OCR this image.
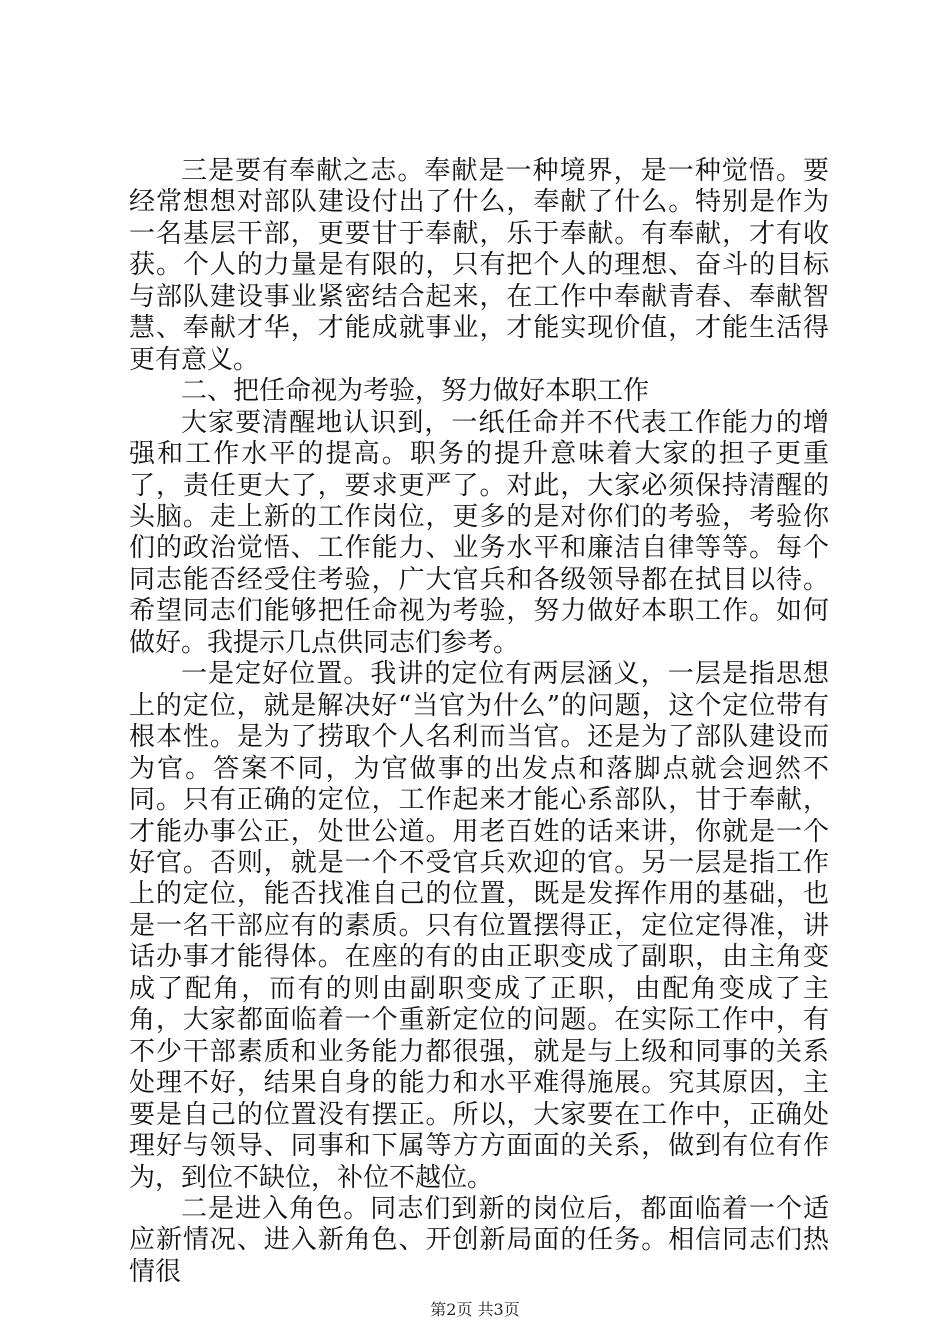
三是要有奉献之志。奉献是一种境界，是一种觉悟。要经常想想对部队建设付出了什么，奉献了什么。特别是作为一名基层干部，更要甘于奉献，乐于奉献。有奉献，才有收获。个人的力量是有限的，只有把个人的理想、奋斗的目标与部队建设事业紧密结合起来，在工作中奉献青春、奉献智慧、奉献才华，才能成就事业，才能实现价值，才能生活得更有意义。

二、把任命视为考验，努力做好本职工作

大家要清醒地认识到，一纸任命并不代表工作能力的增强和工作水平的提高。职务的提升意味着大家的担子更重了，责任更大了，要求更严了。对此，大家必须保持清醒的头脑。走上新的工作岗位，更多的是对你们的考验，考验你们的政治觉悟、工作能力、业务水平和廉洁自律等等。每个同志能否经受住考验，广大官兵和各级领导都在拭目以待。希望同志们能够把任命视为考验，努力做好本职工作。如何做好。我提示几点供同志们参考。

一是定好位置。我讲的定位有两层涵义，一层是指思想上的定位，就是解决好“当官为什么”的问题，这个定位带有根本性。是为了捞取个人名利而当官。还是为了部队建设而为官。答案不同，为官做事的出发点和落脚点就会迥然不同。只有正确的定位，工作起来才能心系部队，甘于奉献，才能办事公正，处世公道。用老百姓的话来讲，你就是一个好官。否则，就是一个不受官兵欢迎的官。另一层是指工作上的定位，能否找准自己的位置，既是发挥作用的基础，也是一名干部应有的素质。只有位置摆得正，定位定得准，讲话办事才能得体。在座的有的由正职变成了副职，由主角变成了配角，而有的则由副职变成了正职，由配角变成了主角，大家都面临着一个重新定位的问题。在实际工作中，有不少干部素质和业务能力都很强，就是与上级和同事的关系处理不好，结果自身的能力和水平难得施展。究其原因，主要是自己的位置没有摆正。所以，大家要在工作中，正确处理好与领导、同事和下属等方方面面的关系，做到有位有作为，到位不缺位，补位不越位。

二是进入角色。同志们到新的岗位后，都面临着一个适应新情况、进入新角色、开创新局面的任务。相信同志们热情很

第2页 共3页
